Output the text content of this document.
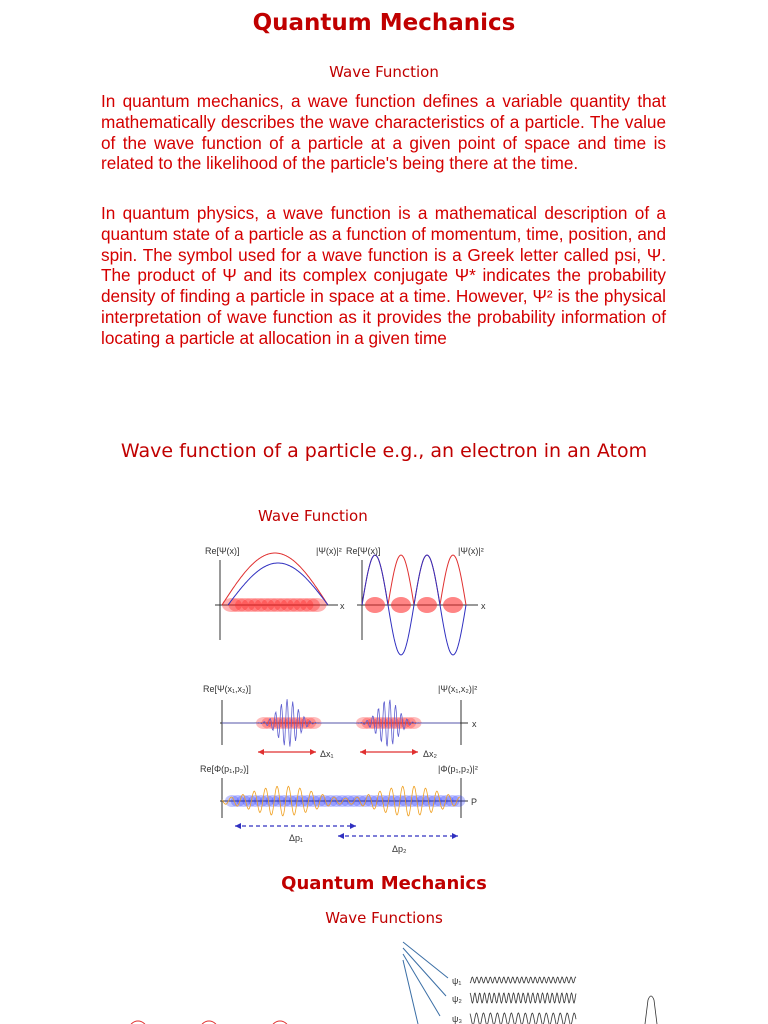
Quantum Mechanics
Wave Function
In quantum mechanics, a wave function defines a variable quantity that mathematically describes the wave characteristics of a particle. The value of the wave function of a particle at a given point of space and time is related to the likelihood of the particle's being there at the time.
In quantum physics, a wave function is a mathematical description of a quantum state of a particle as a function of momentum, time, position, and spin. The symbol used for a wave function is a Greek letter called psi, Ψ. The product of Ψ and its complex conjugate Ψ* indicates the probability density of finding a particle in space at a time. However, Ψ² is the physical interpretation of wave function as it provides the probability information of locating a particle at allocation in a given time
Wave function of a particle e.g., an electron in an Atom
Wave Function
Re[Ψ(x)]	|Ψ(x)|²
x
Re[Ψ(x)]	|Ψ(x)|²
x
Re[Ψ(x₁,x₂)]	|Ψ(x₁,x₂)|²
x
Δx₁	Δx₂
Re[Φ(p₁,p₂)]	|Φ(p₁,p₂)|²
P
Δp₁
Δp₂
ψ₁
ψ₂
ψ₃
Quantum Mechanics
Wave Functions
